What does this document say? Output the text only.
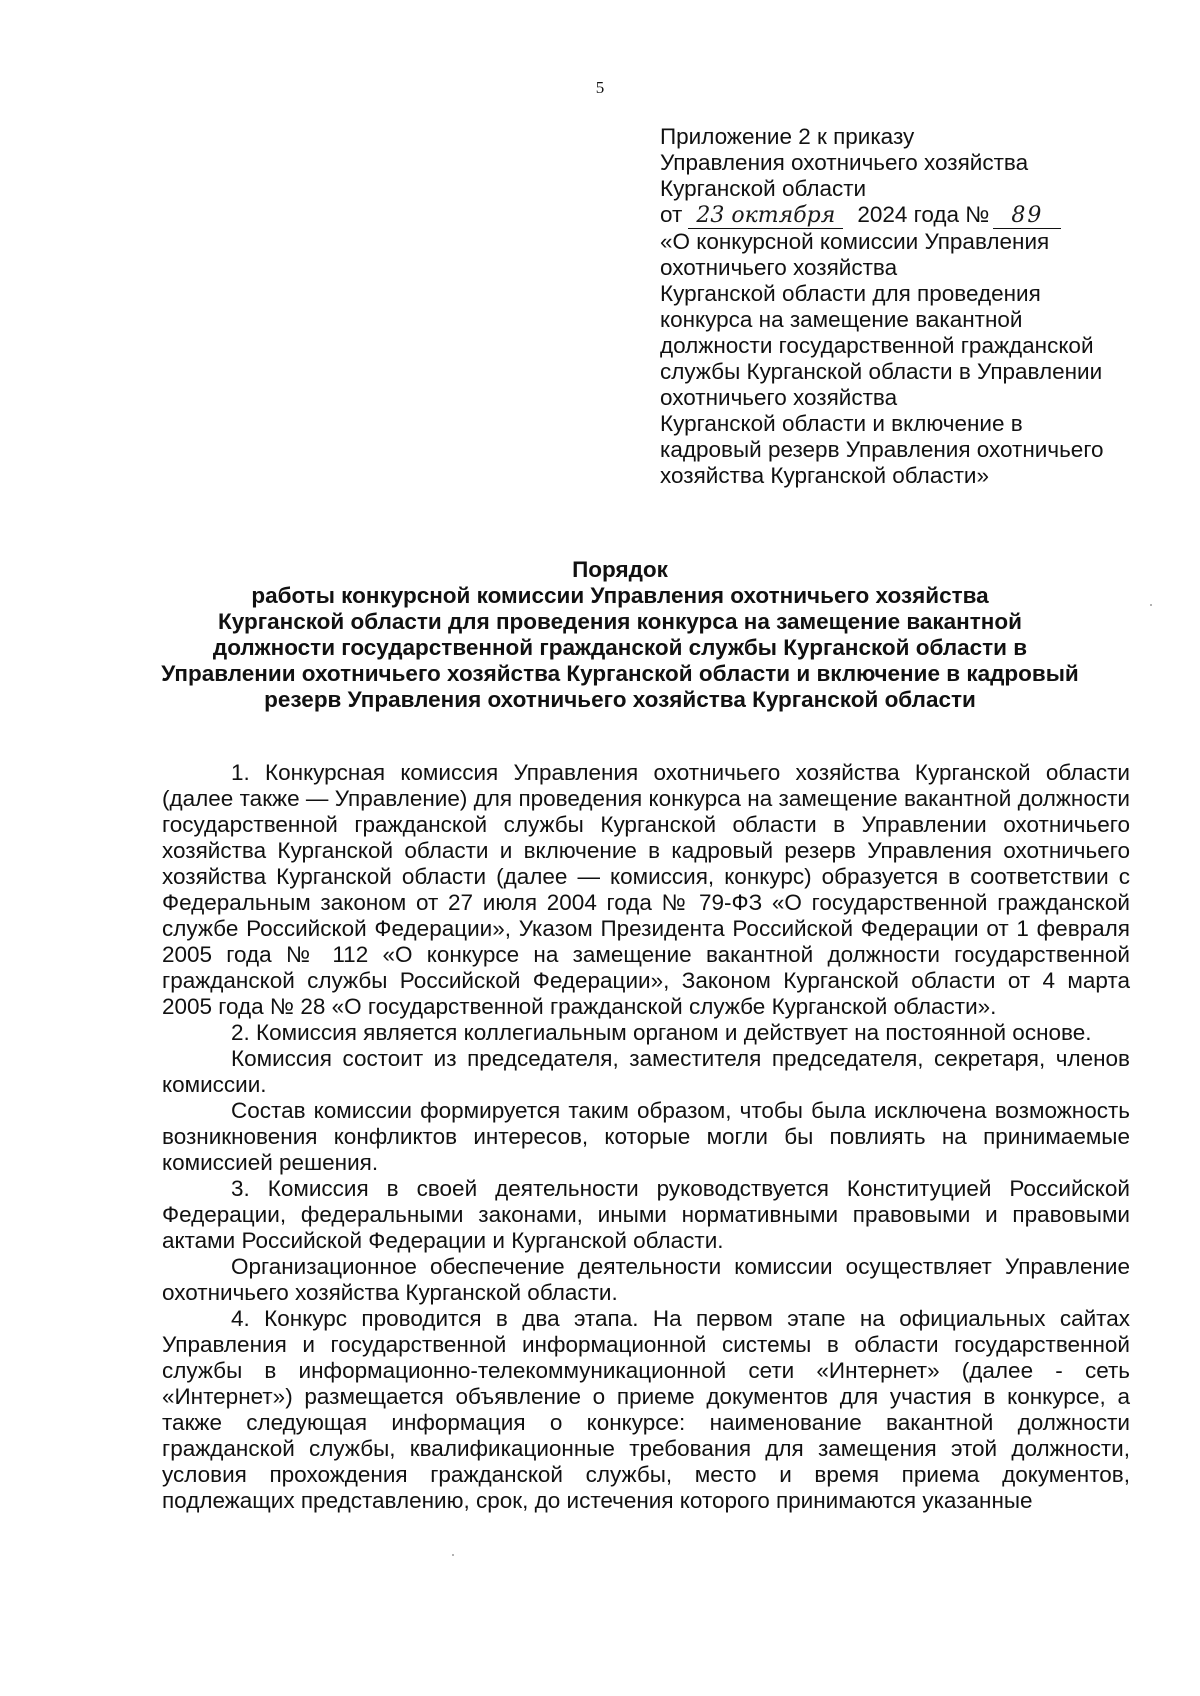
5
Приложение 2 к приказу
Управления охотничьего хозяйства
Курганской области
от 23 октября 2024 года № 89
«О конкурсной комиссии Управления
охотничьего хозяйства
Курганской области для проведения
конкурса на замещение вакантной
должности государственной гражданской
службы Курганской области в Управлении
охотничьего хозяйства
Курганской области и включение в
кадровый резерв Управления охотничьего
хозяйства Курганской области»
Порядок
работы конкурсной комиссии Управления охотничьего хозяйства
Курганской области для проведения конкурса на замещение вакантной
должности государственной гражданской службы Курганской области в
Управлении охотничьего хозяйства Курганской области и включение в кадровый
резерв Управления охотничьего хозяйства Курганской области

1. Конкурсная комиссия Управления охотничьего хозяйства Курганской области (далее также — Управление) для проведения конкурса на замещение вакантной должности государственной гражданской службы Курганской области в Управлении охотничьего хозяйства Курганской области и включение в кадровый резерв Управления охотничьего хозяйства Курганской области (далее — комиссия, конкурс) образуется в соответствии с Федеральным законом от 27 июля 2004 года № 79-ФЗ «О государственной гражданской службе Российской Федерации», Указом Президента Российской Федерации от 1 февраля 2005 года № 112 «О конкурсе на замещение вакантной должности государственной гражданской службы Российской Федерации», Законом Курганской области от 4 марта 2005 года № 28 «О государственной гражданской службе Курганской области».

2. Комиссия является коллегиальным органом и действует на постоянной основе.

Комиссия состоит из председателя, заместителя председателя, секретаря, членов комиссии.

Состав комиссии формируется таким образом, чтобы была исключена возможность возникновения конфликтов интересов, которые могли бы повлиять на принимаемые комиссией решения.

3. Комиссия в своей деятельности руководствуется Конституцией Российской Федерации, федеральными законами, иными нормативными правовыми и правовыми актами Российской Федерации и Курганской области.

Организационное обеспечение деятельности комиссии осуществляет Управление охотничьего хозяйства Курганской области.

4. Конкурс проводится в два этапа. На первом этапе на официальных сайтах Управления и государственной информационной системы в области государственной службы в информационно-телекоммуникационной сети «Интернет» (далее - сеть «Интернет») размещается объявление о приеме документов для участия в конкурсе, а также следующая информация о конкурсе: наименование вакантной должности гражданской службы, квалификационные требования для замещения этой должности, условия прохождения гражданской службы, место и время приема документов, подлежащих представлению, срок, до истечения которого принимаются указанные
